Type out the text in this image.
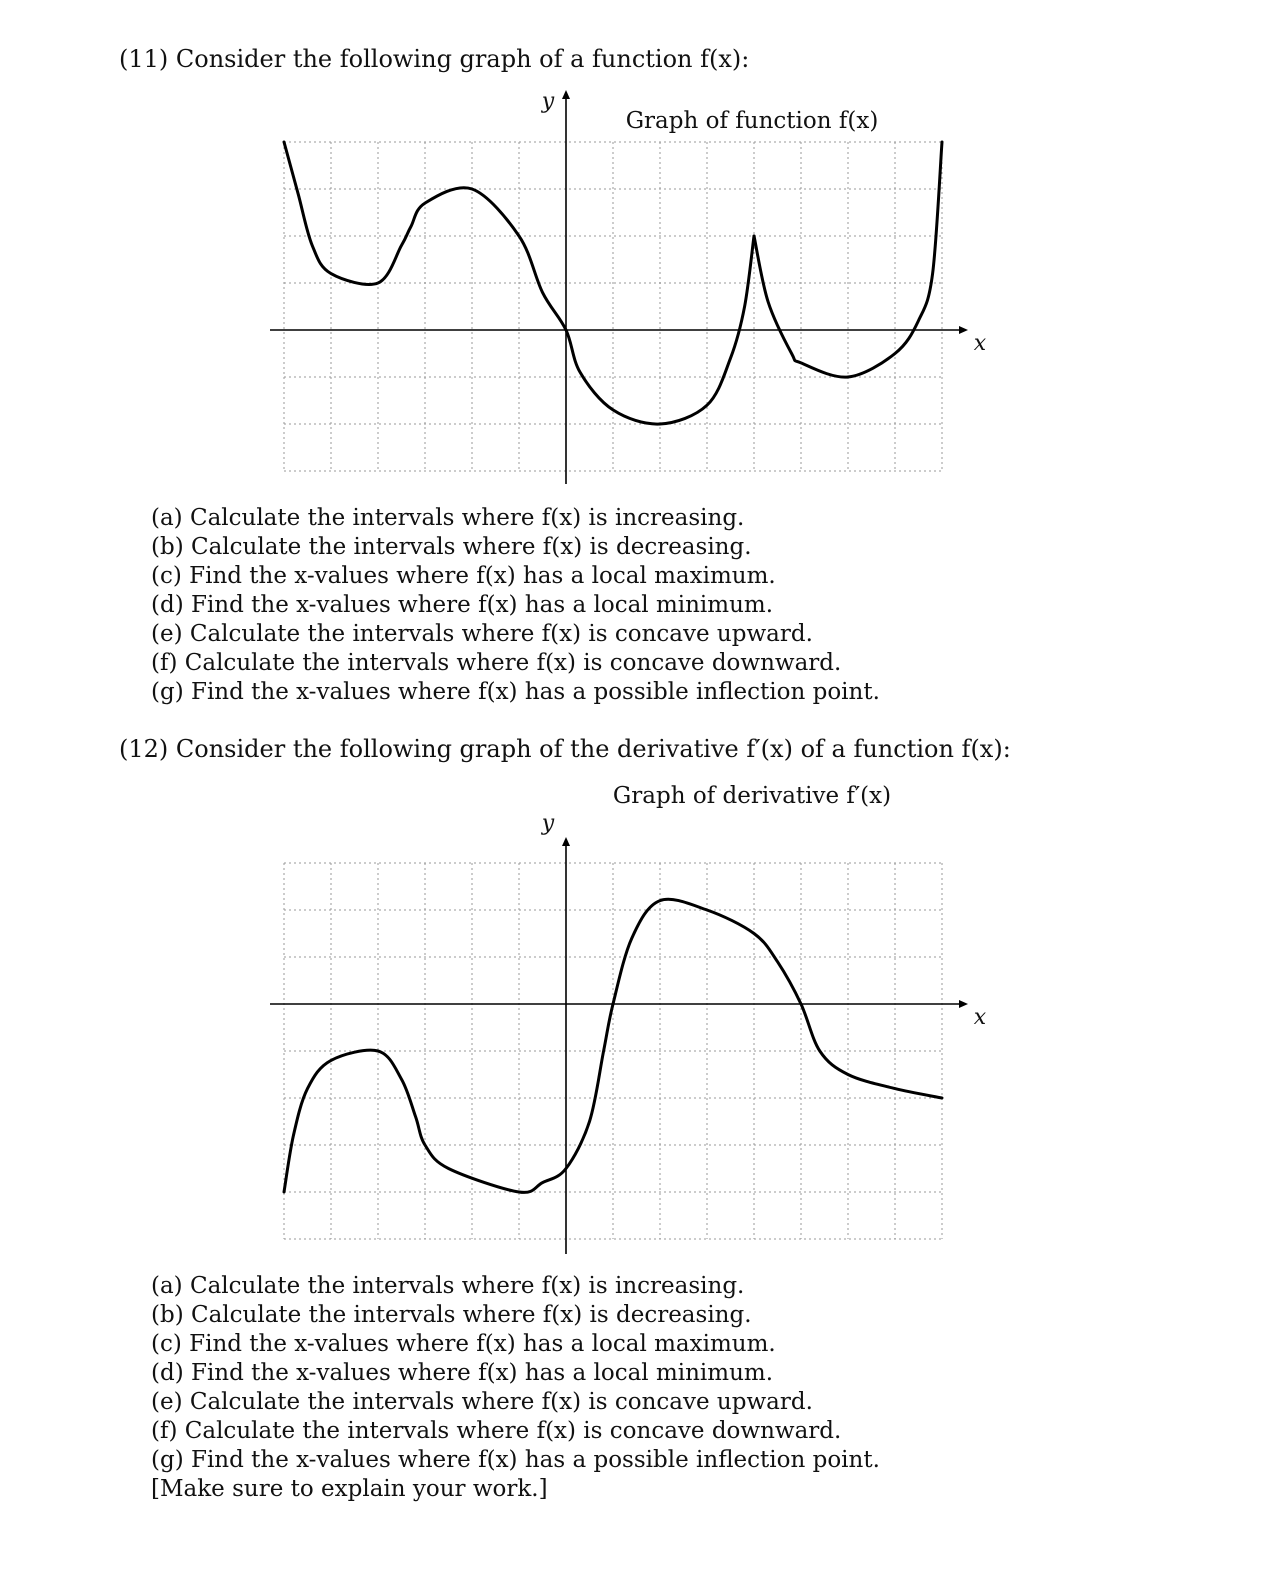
(11) Consider the following graph of a function f(x):
y
x
Graph of function f(x)
(a) Calculate the intervals where f(x) is increasing.
(b) Calculate the intervals where f(x) is decreasing.
(c) Find the x-values where f(x) has a local maximum.
(d) Find the x-values where f(x) has a local minimum.
(e) Calculate the intervals where f(x) is concave upward.
(f) Calculate the intervals where f(x) is concave downward.
(g) Find the x-values where f(x) has a possible inflection point.
(12) Consider the following graph of the derivative f′(x) of a function f(x):
y
x
Graph of derivative f′(x)
(a) Calculate the intervals where f(x) is increasing.
(b) Calculate the intervals where f(x) is decreasing.
(c) Find the x-values where f(x) has a local maximum.
(d) Find the x-values where f(x) has a local minimum.
(e) Calculate the intervals where f(x) is concave upward.
(f) Calculate the intervals where f(x) is concave downward.
(g) Find the x-values where f(x) has a possible inflection point.
[Make sure to explain your work.]
